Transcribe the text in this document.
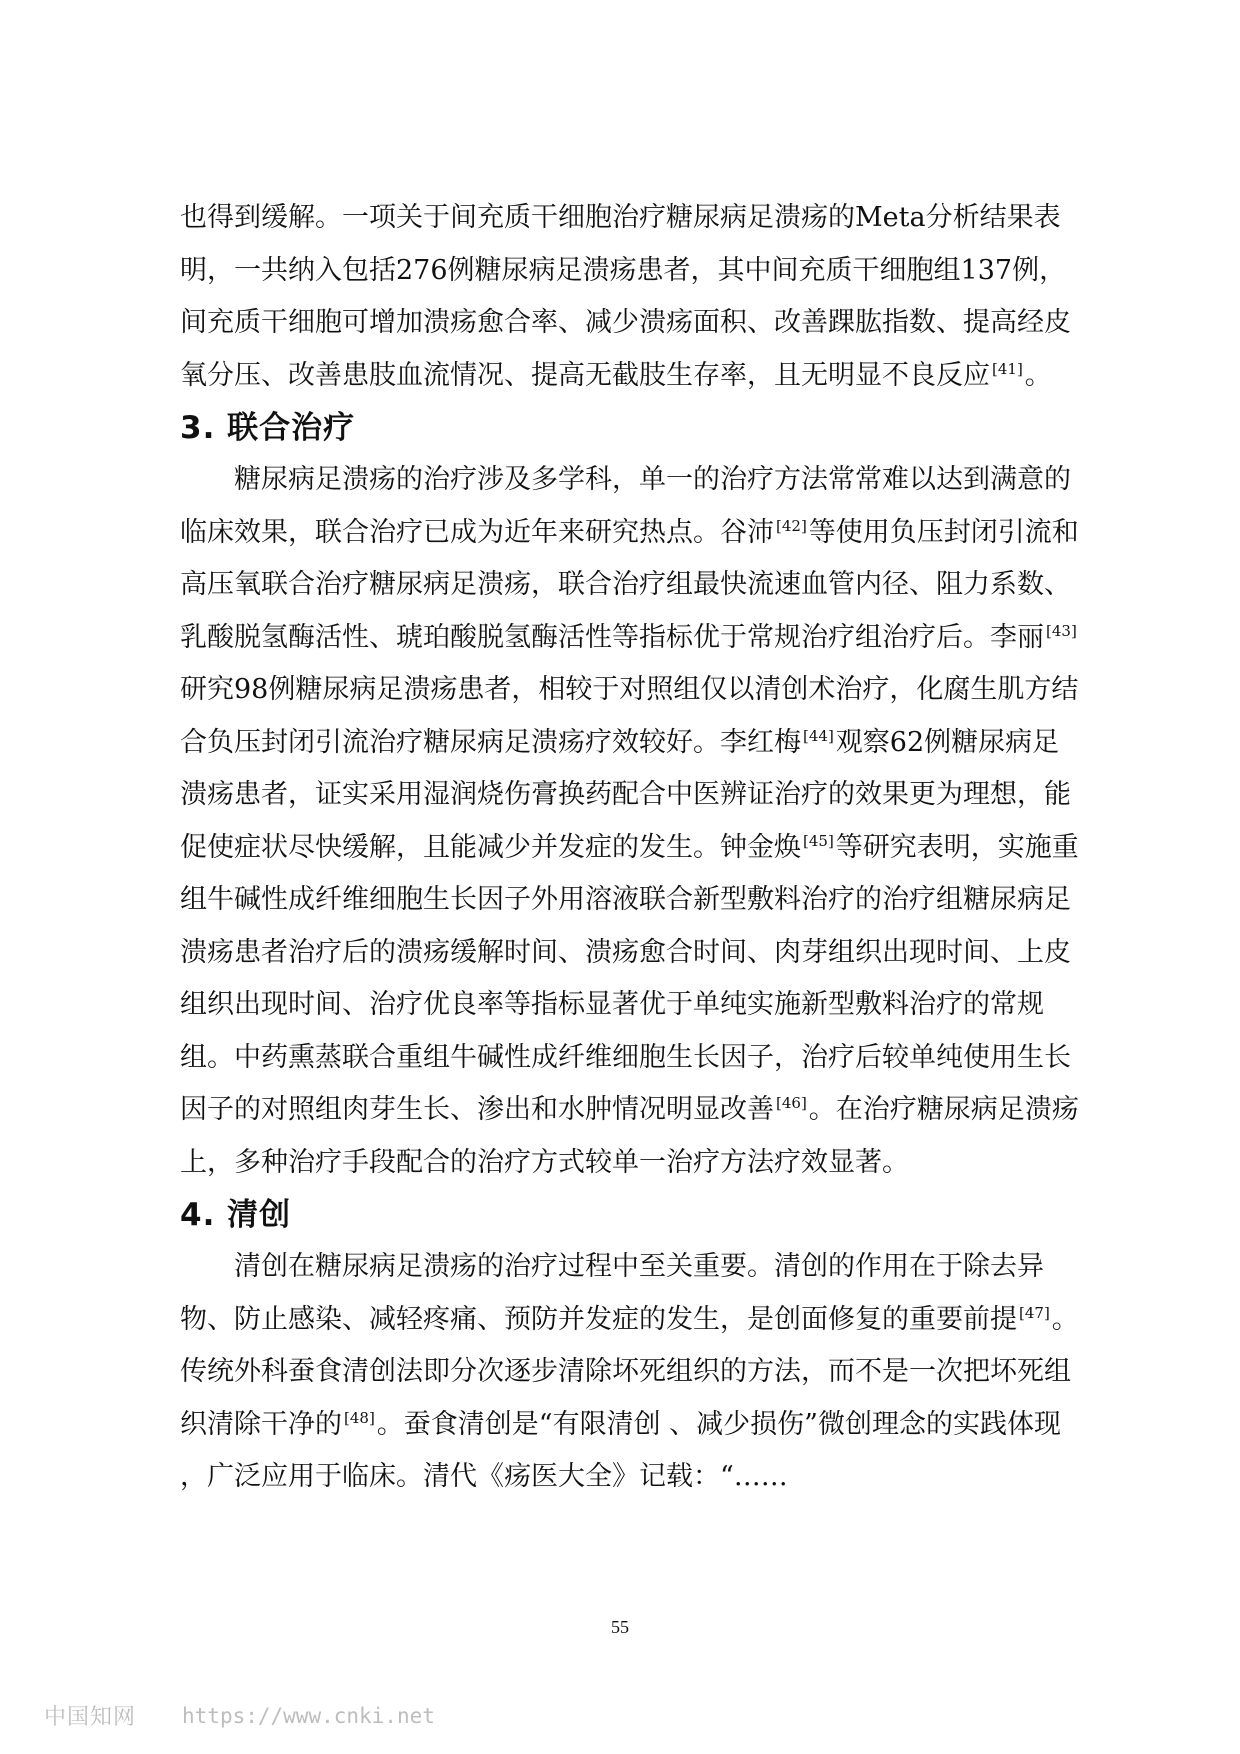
也得到缓解。一项关于间充质干细胞治疗糖尿病足溃疡的Meta分析结果表明，一共纳入包括276例糖尿病足溃疡患者，其中间充质干细胞组137例，间充质干细胞可增加溃疡愈合率、减少溃疡面积、改善踝肱指数、提高经皮氧分压、改善患肢血流情况、提高无截肢生存率，且无明显不良反应 [41]。

3. 联合治疗

糖尿病足溃疡的治疗涉及多学科，单一的治疗方法常常难以达到满意的临床效果，联合治疗已成为近年来研究热点。谷沛 [42]等使用负压封闭引流和高压氧联合治疗糖尿病足溃疡，联合治疗组最快流速血管内径、阻力系数、乳酸脱氢酶活性、琥珀酸脱氢酶活性等指标优于常规治疗组治疗后。李丽 [43]研究98例糖尿病足溃疡患者，相较于对照组仅以清创术治疗，化腐生肌方结合负压封闭引流治疗糖尿病足溃疡疗效较好。李红梅 [44]观察62例糖尿病足溃疡患者，证实采用湿润烧伤膏换药配合中医辨证治疗的效果更为理想，能促使症状尽快缓解，且能减少并发症的发生。钟金焕 [45]等研究表明，实施重组牛碱性成纤维细胞生长因子外用溶液联合新型敷料治疗的治疗组糖尿病足溃疡患者治疗后的溃疡缓解时间、溃疡愈合时间、肉芽组织出现时间、上皮组织出现时间、治疗优良率等指标显著优于单纯实施新型敷料治疗的常规组。中药熏蒸联合重组牛碱性成纤维细胞生长因子，治疗后较单纯使用生长因子的对照组肉芽生长、渗出和水肿情况明显改善 [46]。在治疗糖尿病足溃疡上，多种治疗手段配合的治疗方式较单一治疗方法疗效显著。

4. 清创

清创在糖尿病足溃疡的治疗过程中至关重要。清创的作用在于除去异物、防止感染、减轻疼痛、预防并发症的发生，是创面修复的重要前提 [47]。传统外科蚕食清创法即分次逐步清除坏死组织的方法，而不是一次把坏死组织清除干净的 [48]。蚕食清创是“有限清创 、减少损伤”微创理念的实践体现 ，广泛应用于临床。清代《疡医大全》记载：“……

55
中国知网 https://www.cnki.net
